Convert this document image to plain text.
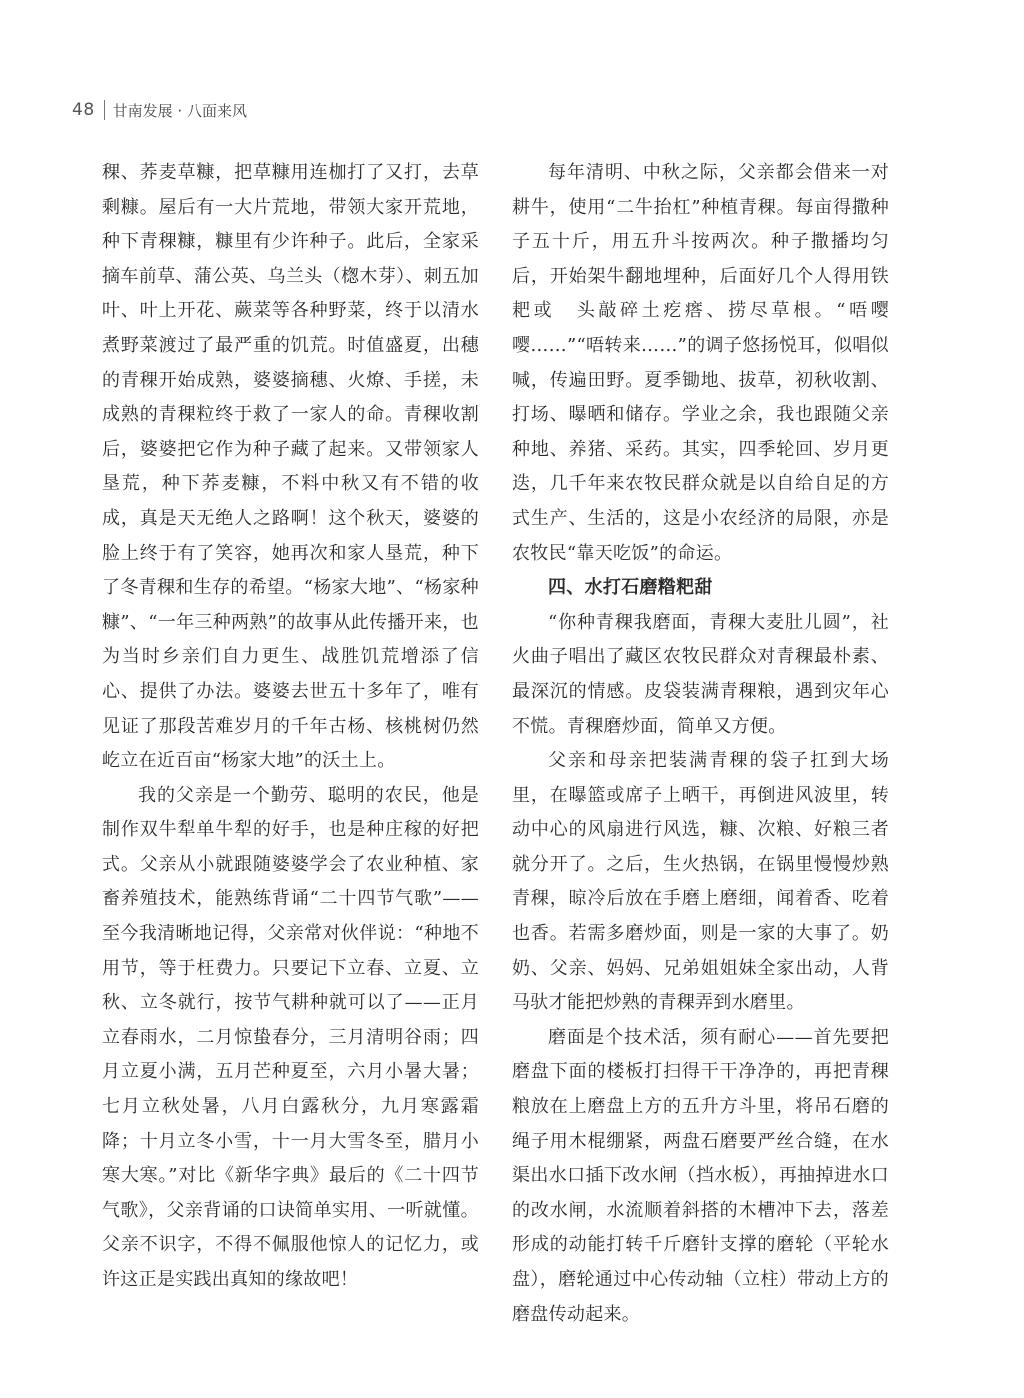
48 甘南发展 · 八面来风

稞、荞麦草糠，把草糠用连枷打了又打，去草剩糠。屋后有一大片荒地，带领大家开荒地，种下青稞糠，糠里有少许种子。此后，全家采摘车前草、蒲公英、乌兰头（楤木芽）、刺五加叶、叶上开花、蕨菜等各种野菜，终于以清水煮野菜渡过了最严重的饥荒。时值盛夏，出穗的青稞开始成熟，婆婆摘穗、火燎、手搓，未成熟的青稞粒终于救了一家人的命。青稞收割后，婆婆把它作为种子藏了起来。又带领家人垦荒，种下荞麦糠，不料中秋又有不错的收成，真是天无绝人之路啊！这个秋天，婆婆的脸上终于有了笑容，她再次和家人垦荒，种下了冬青稞和生存的希望。“杨家大地”、“杨家种糠”、“一年三种两熟”的故事从此传播开来，也为当时乡亲们自力更生、战胜饥荒增添了信心、提供了办法。婆婆去世五十多年了，唯有见证了那段苦难岁月的千年古杨、核桃树仍然屹立在近百亩“杨家大地”的沃土上。

我的父亲是一个勤劳、聪明的农民，他是制作双牛犁单牛犁的好手，也是种庄稼的好把式。父亲从小就跟随婆婆学会了农业种植、家畜养殖技术，能熟练背诵“二十四节气歌”——至今我清晰地记得，父亲常对伙伴说：“种地不用节，等于枉费力。只要记下立春、立夏、立秋、立冬就行，按节气耕种就可以了——正月立春雨水，二月惊蛰春分，三月清明谷雨；四月立夏小满，五月芒种夏至，六月小暑大暑；七月立秋处暑，八月白露秋分，九月寒露霜降；十月立冬小雪，十一月大雪冬至，腊月小寒大寒。”对比《新华字典》最后的《二十四节气歌》，父亲背诵的口诀简单实用、一听就懂。父亲不识字，不得不佩服他惊人的记忆力，或许这正是实践出真知的缘故吧！

每年清明、中秋之际，父亲都会借来一对耕牛，使用“二牛抬杠”种植青稞。每亩得撒种子五十斤，用五升斗按两次。种子撒播均匀后，开始架牛翻地埋种，后面好几个人得用铁耙或　头敲碎土疙瘩、捞尽草根。“唔嘤嘤……”“唔转来……”的调子悠扬悦耳，似唱似喊，传遍田野。夏季锄地、拔草，初秋收割、打场、曝晒和储存。学业之余，我也跟随父亲种地、养猪、采药。其实，四季轮回、岁月更迭，几千年来农牧民群众就是以自给自足的方式生产、生活的，这是小农经济的局限，亦是农牧民“靠天吃饭”的命运。

四、水打石磨糌粑甜

“你种青稞我磨面，青稞大麦肚儿圆”，社火曲子唱出了藏区农牧民群众对青稞最朴素、最深沉的情感。皮袋装满青稞粮，遇到灾年心不慌。青稞磨炒面，简单又方便。

父亲和母亲把装满青稞的袋子扛到大场里，在曝篮或席子上晒干，再倒进风波里，转动中心的风扇进行风选，糠、次粮、好粮三者就分开了。之后，生火热锅，在锅里慢慢炒熟青稞，晾冷后放在手磨上磨细，闻着香、吃着也香。若需多磨炒面，则是一家的大事了。奶奶、父亲、妈妈、兄弟姐姐妹全家出动，人背马驮才能把炒熟的青稞弄到水磨里。

磨面是个技术活，须有耐心——首先要把磨盘下面的楼板打扫得干干净净的，再把青稞粮放在上磨盘上方的五升方斗里，将吊石磨的绳子用木棍绷紧，两盘石磨要严丝合缝，在水渠出水口插下改水闸（挡水板），再抽掉进水口的改水闸，水流顺着斜搭的木槽冲下去，落差形成的动能打转千斤磨针支撑的磨轮（平轮水盘），磨轮通过中心传动轴（立柱）带动上方的磨盘传动起来。
